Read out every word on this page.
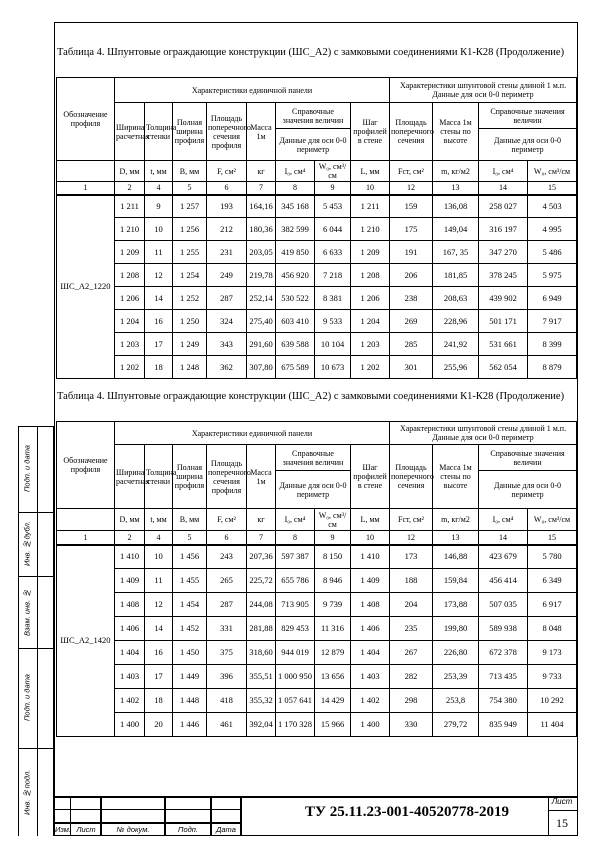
Таблица 4. Шпунтовые ограждающие конструкции (ШС_А2) с замковыми соединениями К1-К28 (Продолжение)
Обозначение профиля	Характеристики единичной панели								Характеристики шпунтовой стены длиной 1 м.п. Данные для оси 0-0 периметр			
	Ширина расчетная	Толщина стенки	Полная ширина профиля	Площадь поперечного сечения профиля	Масса 1м	Справочные значения величин		Шаг профилей в стене	Площадь поперечного сечения	Масса 1м стены по высоте	Справочные значения величин	
						Данные для оси 0-0 периметр					Данные для оси 0-0 периметр	
	D, мм	t, мм	B, мм	F, см²	кг	I₀, см⁴	W₀, см³/см	L, мм	Fст, см²	m, кг/м2	I₀, см⁴	W₀, см³/см
1	2	4	5	6	7	8	9	10	12	13	14	15
ШС_А2_1220	1 211	9	1 257	193	164,16	345 168	5 453	1 211	159	136,08	258 027	4 503
	1 210	10	1 256	212	180,36	382 599	6 044	1 210	175	149,04	316 197	4 995
	1 209	11	1 255	231	203,05	419 850	6 633	1 209	191	167, 35	347 270	5 486
	1 208	12	1 254	249	219,78	456 920	7 218	1 208	206	181,85	378 245	5 975
	1 206	14	1 252	287	252,14	530 522	8 381	1 206	238	208,63	439 902	6 949
	1 204	16	1 250	324	275,40	603 410	9 533	1 204	269	228,96	501 171	7 917
	1 203	17	1 249	343	291,60	639 588	10 104	1 203	285	241,92	531 661	8 399
	1 202	18	1 248	362	307,80	675 589	10 673	1 202	301	255,96	562 054	8 879
Таблица 4. Шпунтовые ограждающие конструкции (ШС_А2) с замковыми соединениями К1-К28 (Продолжение)
Обозначение профиля	Характеристики единичной панели								Характеристики шпунтовой стены длиной 1 м.п. Данные для оси 0-0 периметр			
	Ширина расчетная	Толщина стенки	Полная ширина профиля	Площадь поперечного сечения профиля	Масса 1м	Справочные значения величин		Шаг профилей в стене	Площадь поперечного сечения	Масса 1м стены по высоте	Справочные значения величин	
						Данные для оси 0-0 периметр					Данные для оси 0-0 периметр	
	D, мм	t, мм	B, мм	F, см²	кг	I₀, см⁴	W₀, см³/см	L, мм	Fст, см²	m, кг/м2	I₀, см⁴	W₀, см³/см
1	2	4	5	6	7	8	9	10	12	13	14	15
ШС_А2_1420	1 410	10	1 456	243	207,36	597 387	8 150	1 410	173	146,88	423 679	5 780
	1 409	11	1 455	265	225,72	655 786	8 946	1 409	188	159,84	456 414	6 349
	1 408	12	1 454	287	244,08	713 905	9 739	1 408	204	173,88	507 035	6 917
	1 406	14	1 452	331	281,88	829 453	11 316	1 406	235	199,80	589 938	8 048
	1 404	16	1 450	375	318,60	944 019	12 879	1 404	267	226,80	672 378	9 173
	1 403	17	1 449	396	355,51	1 000 950	13 656	1 403	282	253,39	713 435	9 733
	1 402	18	1 448	418	355,32	1 057 641	14 429	1 402	298	253,8	754 380	10 292
	1 400	20	1 446	461	392,04	1 170 328	15 966	1 400	330	279,72	835 949	11 404
Подп. и дата
Инв. №дубл.
Взам. инв. №
Подп. и дата
Инв. №подл.
Изм. Лист	№ докум.	Подп.	Дата
ТУ 25.11.23-001-40520778-2019
Лист
15
